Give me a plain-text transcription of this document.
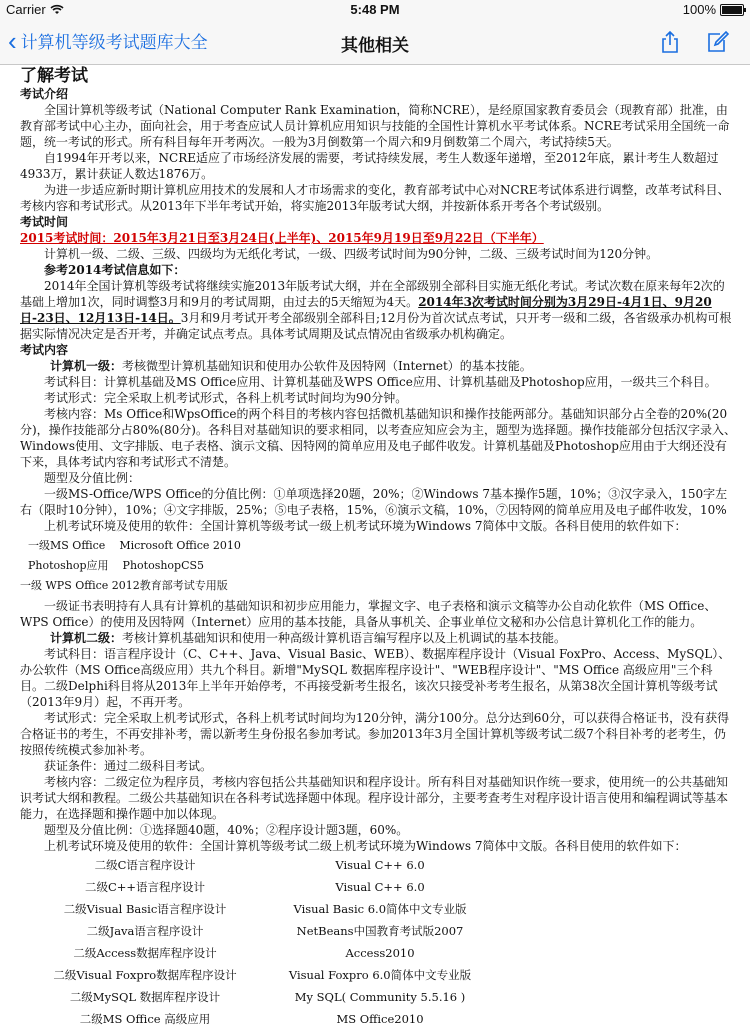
Carrier	5:48 PM	100%
‹ 计算机等级考试题库大全	其他相关
了解考试
考试介绍

全国计算机等级考试（National Computer Rank Examination，简称NCRE），是经原国家教育委员会（现教育部）批准，由教育部考试中心主办，面向社会，用于考查应试人员计算机应用知识与技能的全国性计算机水平考试体系。NCRE考试采用全国统一命题，统一考试的形式。所有科目每年开考两次。一般为3月倒数第一个周六和9月倒数第二个周六，考试持续5天。

自1994年开考以来，NCRE适应了市场经济发展的需要，考试持续发展，考生人数逐年递增，至2012年底，累计考生人数超过4933万，累计获证人数达1876万。

为进一步适应新时期计算机应用技术的发展和人才市场需求的变化，教育部考试中心对NCRE考试体系进行调整，改革考试科目、考核内容和考试形式。从2013年下半年考试开始，将实施2013年版考试大纲，并按新体系开考各个考试级别。

考试时间

2015考试时间：2015年3月21日至3月24日(上半年)、2015年9月19日至9月22日（下半年）

计算机一级、二级、三级、四级均为无纸化考试，一级、四级考试时间为90分钟，二级、三级考试时间为120分钟。

参考2014考试信息如下：

2014年全国计算机等级考试将继续实施2013年版考试大纲，并在全部级别全部科目实施无纸化考试。考试次数在原来每年2次的基础上增加1次，同时调整3月和9月的考试周期，由过去的5天缩短为4天。2014年3次考试时间分别为3月29日-4月1日、9月20日-23日、12月13日-14日。3月和9月考试开考全部级别全部科目;12月份为首次试点考试，只开考一级和二级，各省级承办机构可根据实际情况决定是否开考，并确定试点考点。具体考试周期及试点情况由省级承办机构确定。

考试内容

计算机一级：考核微型计算机基础知识和使用办公软件及因特网（Internet）的基本技能。

考试科目：计算机基础及MS Office应用、计算机基础及WPS Office应用、计算机基础及Photoshop应用，一级共三个科目。

考试形式：完全采取上机考试形式，各科上机考试时间均为90分钟。

考核内容：Ms Office和WpsOffice的两个科目的考核内容包括微机基础知识和操作技能两部分。基础知识部分占全卷的20%(20分)，操作技能部分占80%(80分)。各科目对基础知识的要求相同，以考查应知应会为主，题型为选择题。操作技能部分包括汉字录入、Windows使用、文字排版、电子表格、演示文稿、因特网的简单应用及电子邮件收发。计算机基础及Photoshop应用由于大纲还没有下来，具体考试内容和考试形式不清楚。

题型及分值比例：

一级MS-Office/WPS Office的分值比例：①单项选择20题，20%；②Windows 7基本操作5题，10%；③汉字录入，150字左右（限时10分钟），10%；④文字排版，25%；⑤电子表格，15%，⑥演示文稿，10%，⑦因特网的简单应用及电子邮件收发，10%

上机考试环境及使用的软件：全国计算机等级考试一级上机考试环境为Windows 7简体中文版。各科目使用的软件如下：

一级MS Office Microsoft Office 2010
Photoshop应用 PhotoshopCS5
一级 WPS Office 2012教育部考试专用版

一级证书表明持有人具有计算机的基础知识和初步应用能力，掌握文字、电子表格和演示文稿等办公自动化软件（MS Office、WPS Office）的使用及因特网（Internet）应用的基本技能，具备从事机关、企事业单位文秘和办公信息计算机化工作的能力。

计算机二级：考核计算机基础知识和使用一种高级计算机语言编写程序以及上机调试的基本技能。

考试科目：语言程序设计（C、C++、Java、Visual Basic、WEB）、数据库程序设计（Visual FoxPro、Access、MySQL）、办公软件（MS Office高级应用）共九个科目。新增"MySQL 数据库程序设计"、"WEB程序设计"、"MS Office 高级应用"三个科目。二级Delphi科目将从2013年上半年开始停考，不再接受新考生报名，该次只接受补考考生报名，从第38次全国计算机等级考试（2013年9月）起，不再开考。

考试形式：完全采取上机考试形式，各科上机考试时间均为120分钟，满分100分。总分达到60分，可以获得合格证书，没有获得合格证书的考生，不再安排补考，需以新考生身份报名参加考试。参加2013年3月全国计算机等级考试二级7个科目补考的老考生，仍按照传统模式参加补考。

获证条件：通过二级科目考试。

考核内容：二级定位为程序员，考核内容包括公共基础知识和程序设计。所有科目对基础知识作统一要求，使用统一的公共基础知识考试大纲和教程。二级公共基础知识在各科考试选择题中体现。程序设计部分，主要考查考生对程序设计语言使用和编程调试等基本能力，在选择题和操作题中加以体现。

题型及分值比例：①选择题40题，40%；②程序设计题3题，60%。

上机考试环境及使用的软件：全国计算机等级考试二级上机考试环境为Windows 7简体中文版。各科目使用的软件如下：

二级C语言程序设计	Visual C++ 6.0
二级C++语言程序设计	Visual C++ 6.0
二级Visual Basic语言程序设计	Visual Basic 6.0简体中文专业版
二级Java语言程序设计	NetBeans中国教育考试版2007
二级Access数据库程序设计	Access2010
二级Visual Foxpro数据库程序设计	Visual Foxpro 6.0简体中文专业版
二级MySQL 数据库程序设计	My SQL( Community 5.5.16 )
二级MS Office 高级应用	MS Office2010
